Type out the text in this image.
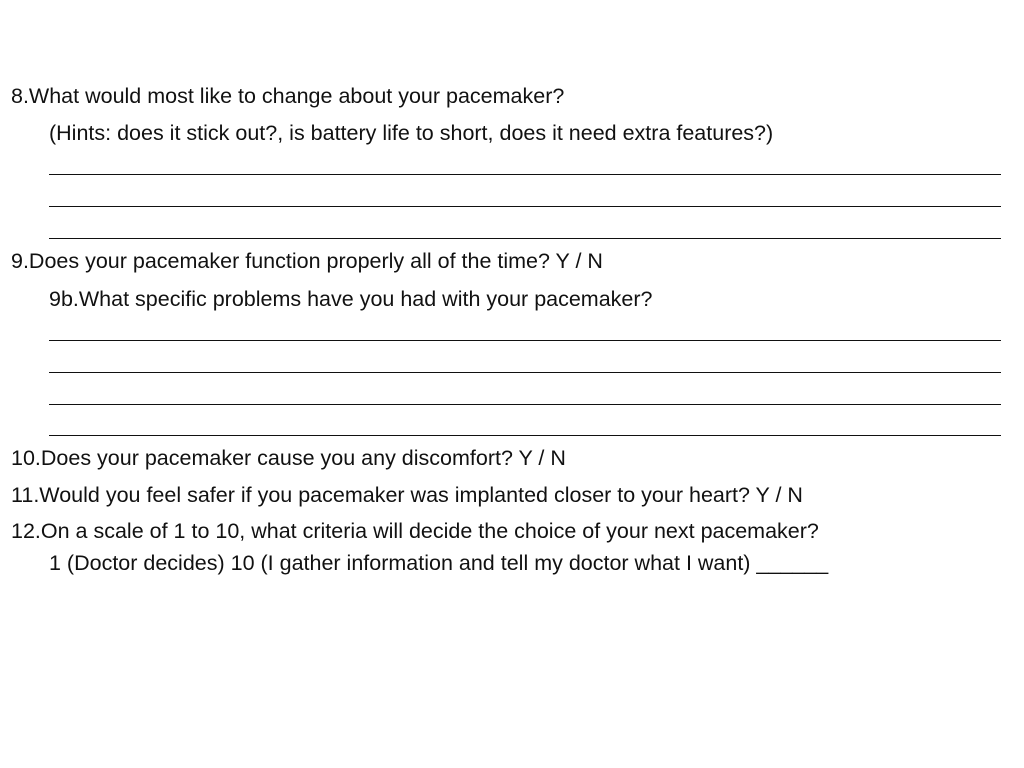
8.What would most like to change about your pacemaker?
(Hints: does it stick out?, is battery life to short, does it need extra features?)
9.Does your pacemaker function properly all of the time? Y / N
9b.What specific problems have you had with your pacemaker?
10.Does your pacemaker cause you any discomfort? Y / N
11.Would you feel safer if you pacemaker was implanted closer to your heart? Y / N
12.On a scale of 1 to 10, what criteria will decide the choice of your next pacemaker?
1 (Doctor decides) 10 (I gather information and tell my doctor what I want) ______
